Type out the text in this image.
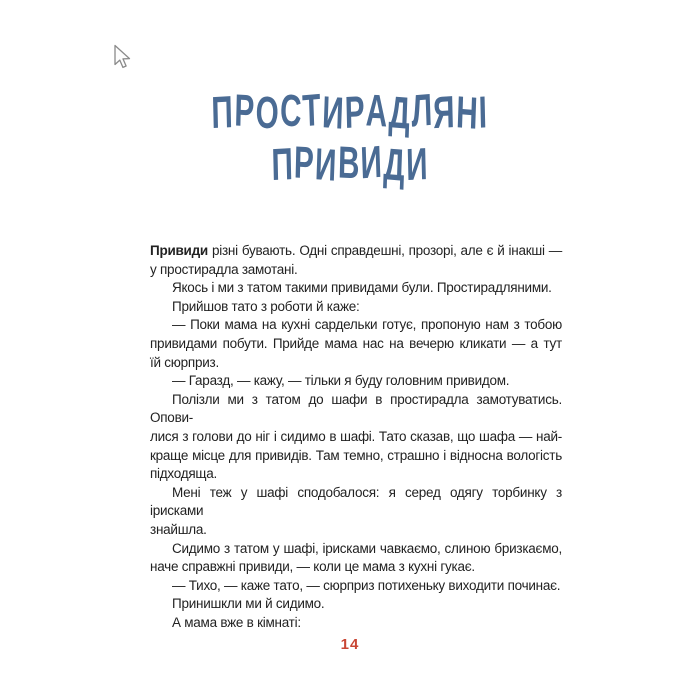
ПРОСТИРАДЛЯНІ
ПРИВИДИ
Привиди різні бувають. Одні справдешні, прозорі, але є й інакші —
у простирадла замотані.
Якось і ми з татом такими привидами були. Простирадляними.
Прийшов тато з роботи й каже:
— Поки мама на кухні сардельки готує, пропоную нам з тобою
привидами побути. Прийде мама нас на вечерю кликати — а тут
їй сюрприз.
— Гаразд, — кажу, — тільки я буду головним привидом.
Полізли ми з татом до шафи в простирадла замотуватись. Опови-
лися з голови до ніг і сидимо в шафі. Тато сказав, що шафа — най-
краще місце для привидів. Там темно, страшно і відносна вологість
підходяща.
Мені теж у шафі сподобалося: я серед одягу торбинку з ірисками
знайшла.
Сидимо з татом у шафі, ірисками чавкаємо, слиною бризкаємо,
наче справжні привиди, — коли це мама з кухні гукає.
— Тихо, — каже тато, — сюрприз потихеньку виходити починає.
Принишкли ми й сидимо.
А мама вже в кімнаті:
14
